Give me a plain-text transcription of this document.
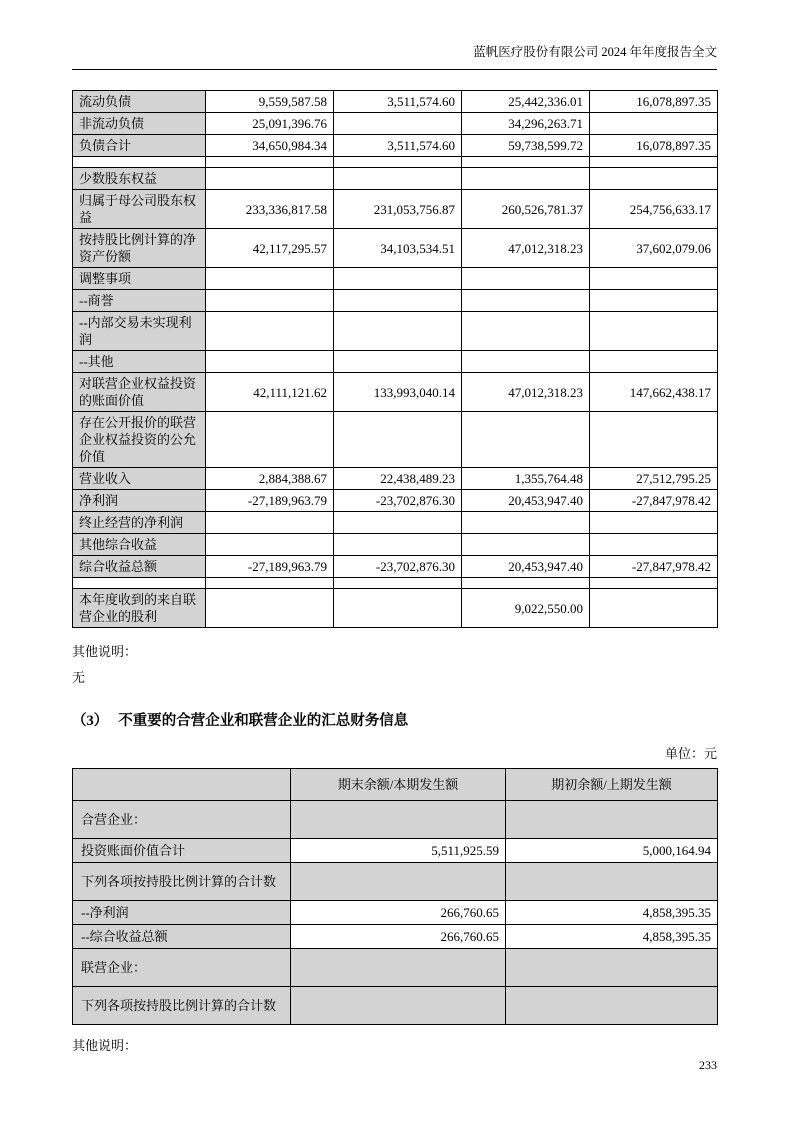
蓝帆医疗股份有限公司 2024 年年度报告全文
流动负债	9,559,587.58	3,511,574.60	25,442,336.01	16,078,897.35
非流动负债	25,091,396.76		34,296,263.71	
负债合计	34,650,984.34	3,511,574.60	59,738,599.72	16,078,897.35

少数股东权益				
归属于母公司股东权益	233,336,817.58	231,053,756.87	260,526,781.37	254,756,633.17
按持股比例计算的净资产份额	42,117,295.57	34,103,534.51	47,012,318.23	37,602,079.06
调整事项				
--商誉				
--内部交易未实现利润				
--其他				
对联营企业权益投资的账面价值	42,111,121.62	133,993,040.14	47,012,318.23	147,662,438.17
存在公开报价的联营企业权益投资的公允价值				
营业收入	2,884,388.67	22,438,489.23	1,355,764.48	27,512,795.25
净利润	-27,189,963.79	-23,702,876.30	20,453,947.40	-27,847,978.42
终止经营的净利润				
其他综合收益				
综合收益总额	-27,189,963.79	-23,702,876.30	20,453,947.40	-27,847,978.42

本年度收到的来自联营企业的股利			9,022,550.00	
其他说明：
无
（3） 不重要的合营企业和联营企业的汇总财务信息
单位：元
	期末余额/本期发生额	期初余额/上期发生额
合营企业：		
投资账面价值合计	5,511,925.59	5,000,164.94
下列各项按持股比例计算的合计数		
--净利润	266,760.65	4,858,395.35
--综合收益总额	266,760.65	4,858,395.35
联营企业：		
下列各项按持股比例计算的合计数		
其他说明：
233
